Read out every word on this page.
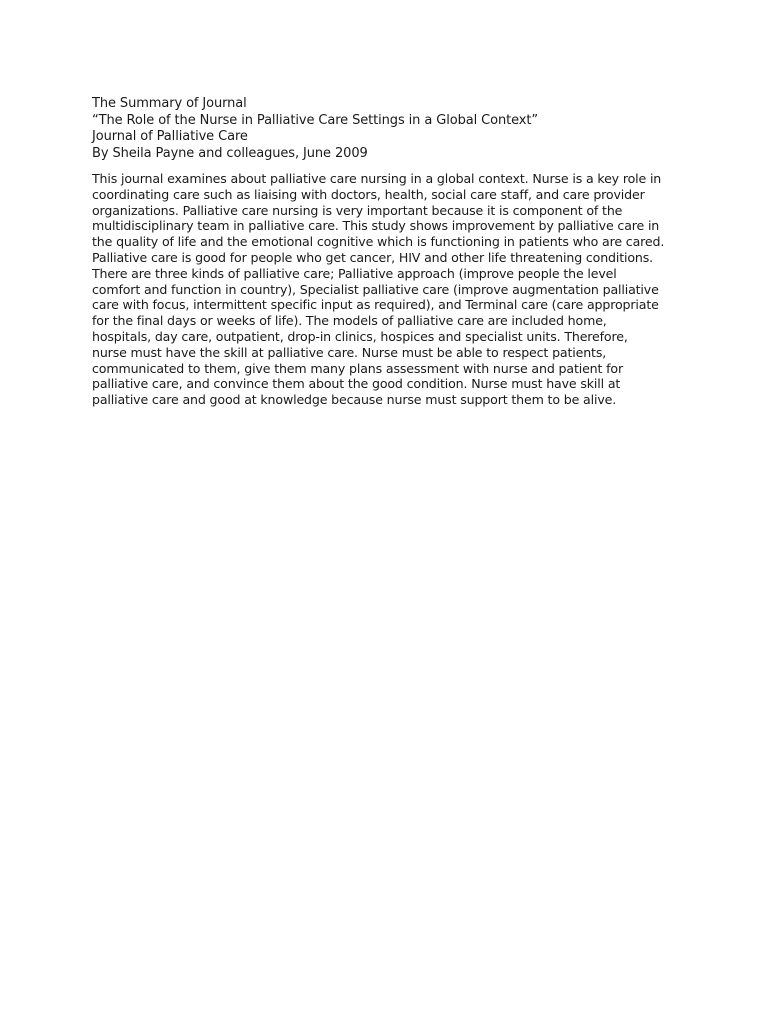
The Summary of Journal
“The Role of the Nurse in Palliative Care Settings in a Global Context”
Journal of Palliative Care
By Sheila Payne and colleagues, June 2009

This journal examines about palliative care nursing in a global context. Nurse is a key role in
coordinating care such as liaising with doctors, health, social care staff, and care provider
organizations. Palliative care nursing is very important because it is component of the
multidisciplinary team in palliative care. This study shows improvement by palliative care in
the quality of life and the emotional cognitive which is functioning in patients who are cared.
Palliative care is good for people who get cancer, HIV and other life threatening conditions.
There are three kinds of palliative care; Palliative approach (improve people the level
comfort and function in country), Specialist palliative care (improve augmentation palliative
care with focus, intermittent specific input as required), and Terminal care (care appropriate
for the final days or weeks of life). The models of palliative care are included home,
hospitals, day care, outpatient, drop-in clinics, hospices and specialist units. Therefore,
nurse must have the skill at palliative care. Nurse must be able to respect patients,
communicated to them, give them many plans assessment with nurse and patient for
palliative care, and convince them about the good condition. Nurse must have skill at
palliative care and good at knowledge because nurse must support them to be alive.
